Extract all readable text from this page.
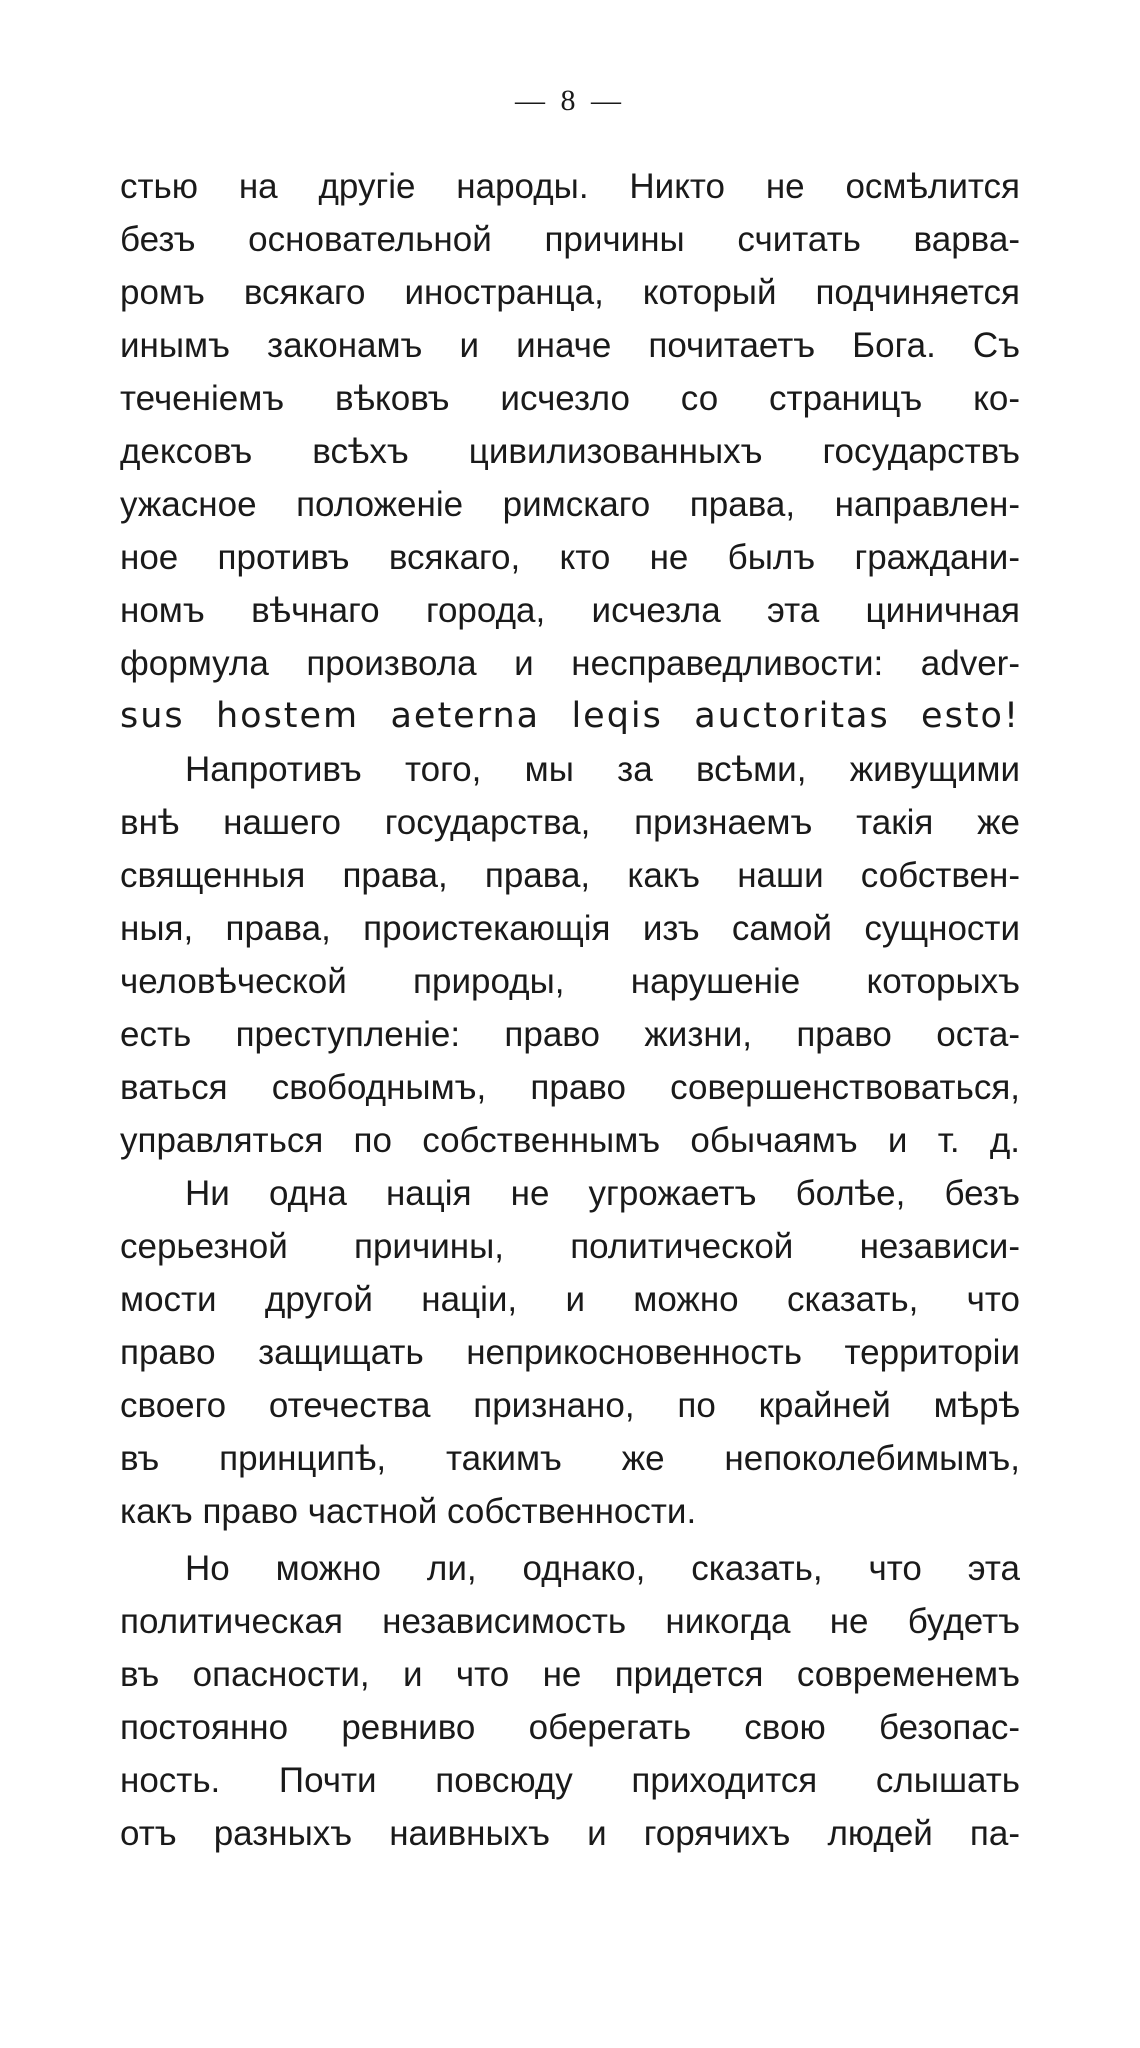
— 8 —
стью на другіе народы. Никто не осмѣлится
безъ основательной причины считать варва-
ромъ всякаго иностранца, который подчиняется
инымъ законамъ и иначе почитаетъ Бога. Съ
теченіемъ вѣковъ исчезло со страницъ ко-
дексовъ всѣхъ цивилизованныхъ государствъ
ужасное положеніе римскаго права, направлен-
ное противъ всякаго, кто не былъ граждани-
номъ вѣчнаго города, исчезла эта циничная
формула произвола и несправедливости: adver-
sus hostem aeterna leqis auctoritas esto!
Напротивъ того, мы за всѣми, живущими
внѣ нашего государства, признаемъ такія же
священныя права, права, какъ наши собствен-
ныя, права, проистекающія изъ самой сущности
человѣческой природы, нарушеніе которыхъ
есть преступленіе: право жизни, право оста-
ваться свободнымъ, право совершенствоваться,
управляться по собственнымъ обычаямъ и т. д.
Ни одна нація не угрожаетъ болѣе, безъ
серьезной причины, политической независи-
мости другой націи, и можно сказать, что
право защищать неприкосновенность территоріи
своего отечества признано, по крайней мѣрѣ
въ принципѣ, такимъ же непоколебимымъ,
какъ право частной собственности.
Но можно ли, однако, сказать, что эта
политическая независимость никогда не будетъ
въ опасности, и что не придется современемъ
постоянно ревниво оберегать свою безопас-
ность. Почти повсюду приходится слышать
отъ разныхъ наивныхъ и горячихъ людей па-
